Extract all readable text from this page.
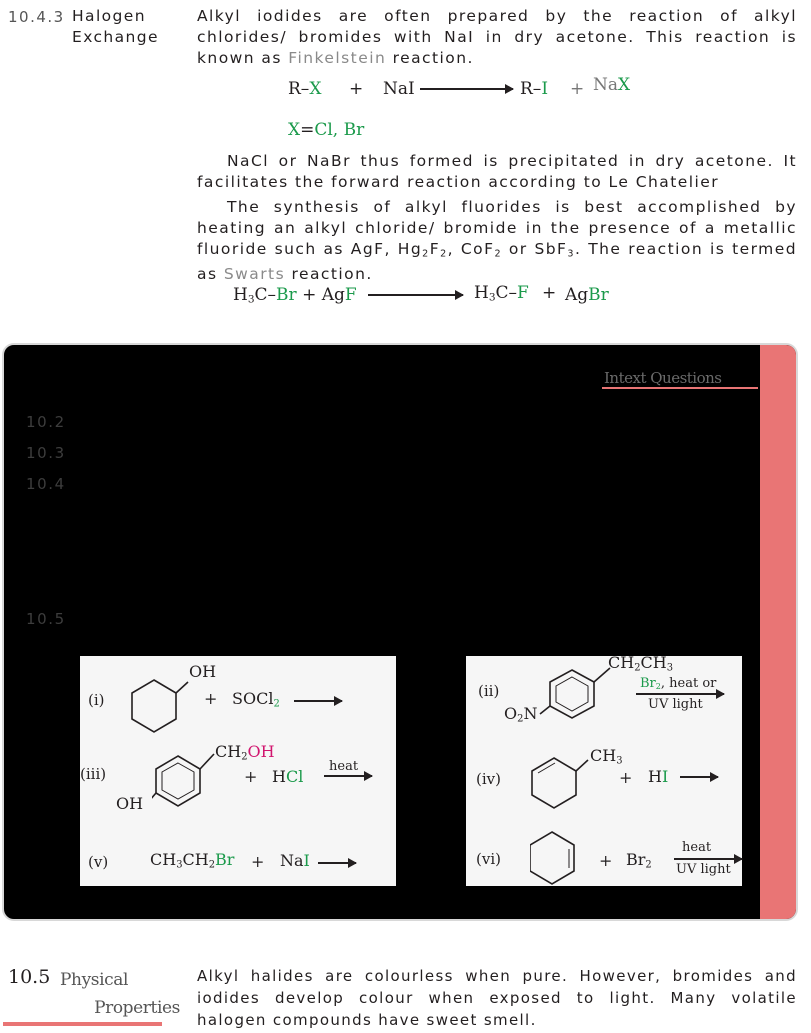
10.4.3 Halogen
Exchange
Alkyl iodides are often prepared by the reaction of alkyl chlorides/ bromides with NaI in dry acetone. This reaction is known as Finkelstein reaction.
R–X + NaI	R–I + NaX
X=Cl, Br
NaCl or NaBr thus formed is precipitated in dry acetone. It facilitates the forward reaction according to Le Chatelier
The synthesis of alkyl fluorides is best accomplished by heating an alkyl chloride/ bromide in the presence of a metallic fluoride such as AgF, $Hg_2F_2$, CoF$_2$ or SbF$_3$. The reaction is termed as Swarts reaction.
$H_3C-Br$ + AgF	$H_3C-F$ + AgBr
Intext Questions
10.2
10.3
10.4
10.5
(i)
OH
+ SOCl$_2$
(iii)
$CH_2OH$
OH
+ HCl
heat
(v)	$CH_3CH_2Br$ + NaI
(ii)
$CH_2CH_3$
$O_2N$
$Br_2$, heat or
UV light
(iv)
$CH_3$
+ HI
(vi)	+ $Br_2$
heat
UV light
10.5 Physical
Properties
Alkyl halides are colourless when pure. However, bromides and iodides develop colour when exposed to light. Many volatile halogen compounds have sweet smell.
